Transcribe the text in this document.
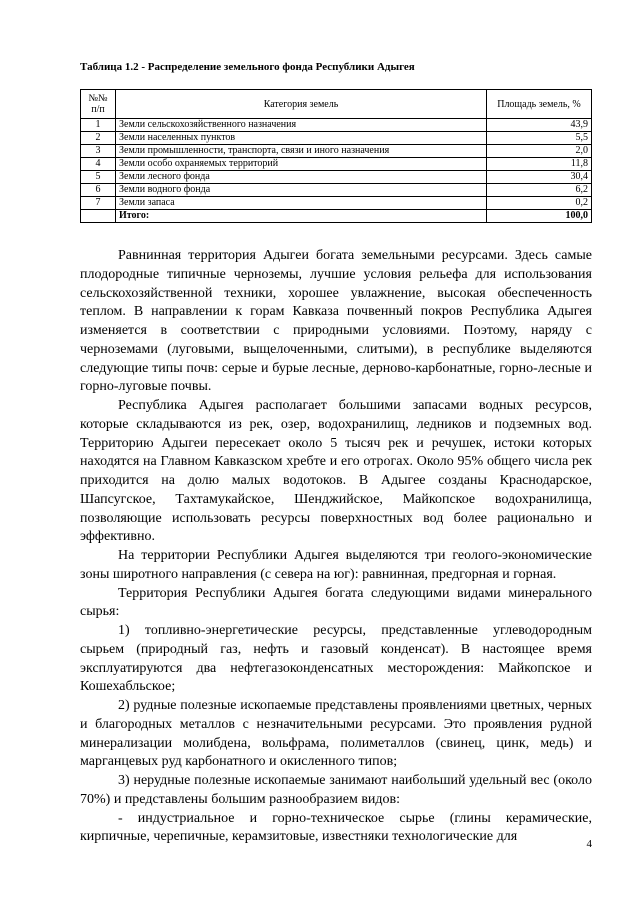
Таблица 1.2 - Распределение земельного фонда Республики Адыгея
№№ п/п	Категория земель	Площадь земель, %
1	Земли сельскохозяйственного назначения	43,9
2	Земли населенных пунктов	5,5
3	Земли промышленности, транспорта, связи и иного назначения	2,0
4	Земли особо охраняемых территорий	11,8
5	Земли лесного фонда	30,4
6	Земли водного фонда	6,2
7	Земли запаса	0,2
	Итого:	100,0

Равнинная территория Адыгеи богата земельными ресурсами. Здесь самые плодородные типичные черноземы, лучшие условия рельефа для использования сельскохозяйственной техники, хорошее увлажнение, высокая обеспеченность теплом. В направлении к горам Кавказа почвенный покров Республика Адыгея изменяется в соответствии с природными условиями. Поэтому, наряду с черноземами (луговыми, выщелоченными, слитыми), в республике выделяются следующие типы почв: серые и бурые лесные, дерново-карбонатные, горно-лесные и горно-луговые почвы.

Республика Адыгея располагает большими запасами водных ресурсов, которые складываются из рек, озер, водохранилищ, ледников и подземных вод. Территорию Адыгеи пересекает около 5 тысяч рек и речушек, истоки которых находятся на Главном Кавказском хребте и его отрогах. Около 95% общего числа рек приходится на долю малых водотоков. В Адыгее созданы Краснодарское, Шапсугское, Тахтамукайское, Шенджийское, Майкопское водохранилища, позволяющие использовать ресурсы поверхностных вод более рационально и эффективно.

На территории Республики Адыгея выделяются три геолого-экономические зоны широтного направления (с севера на юг): равнинная, предгорная и горная.

Территория Республики Адыгея богата следующими видами минерального сырья:

1) топливно-энергетические ресурсы, представленные углеводородным сырьем (природный газ, нефть и газовый конденсат). В настоящее время эксплуатируются два нефтегазоконденсатных месторождения: Майкопское и Кошехабльское;

2) рудные полезные ископаемые представлены проявлениями цветных, черных и благородных металлов с незначительными ресурсами. Это проявления рудной минерализации молибдена, вольфрама, полиметаллов (свинец, цинк, медь) и марганцевых руд карбонатного и окисленного типов;

3) нерудные полезные ископаемые занимают наибольший удельный вес (около 70%) и представлены большим разнообразием видов:

- индустриальное и горно-техническое сырье (глины керамические, кирпичные, черепичные, керамзитовые, известняки технологические для	4
